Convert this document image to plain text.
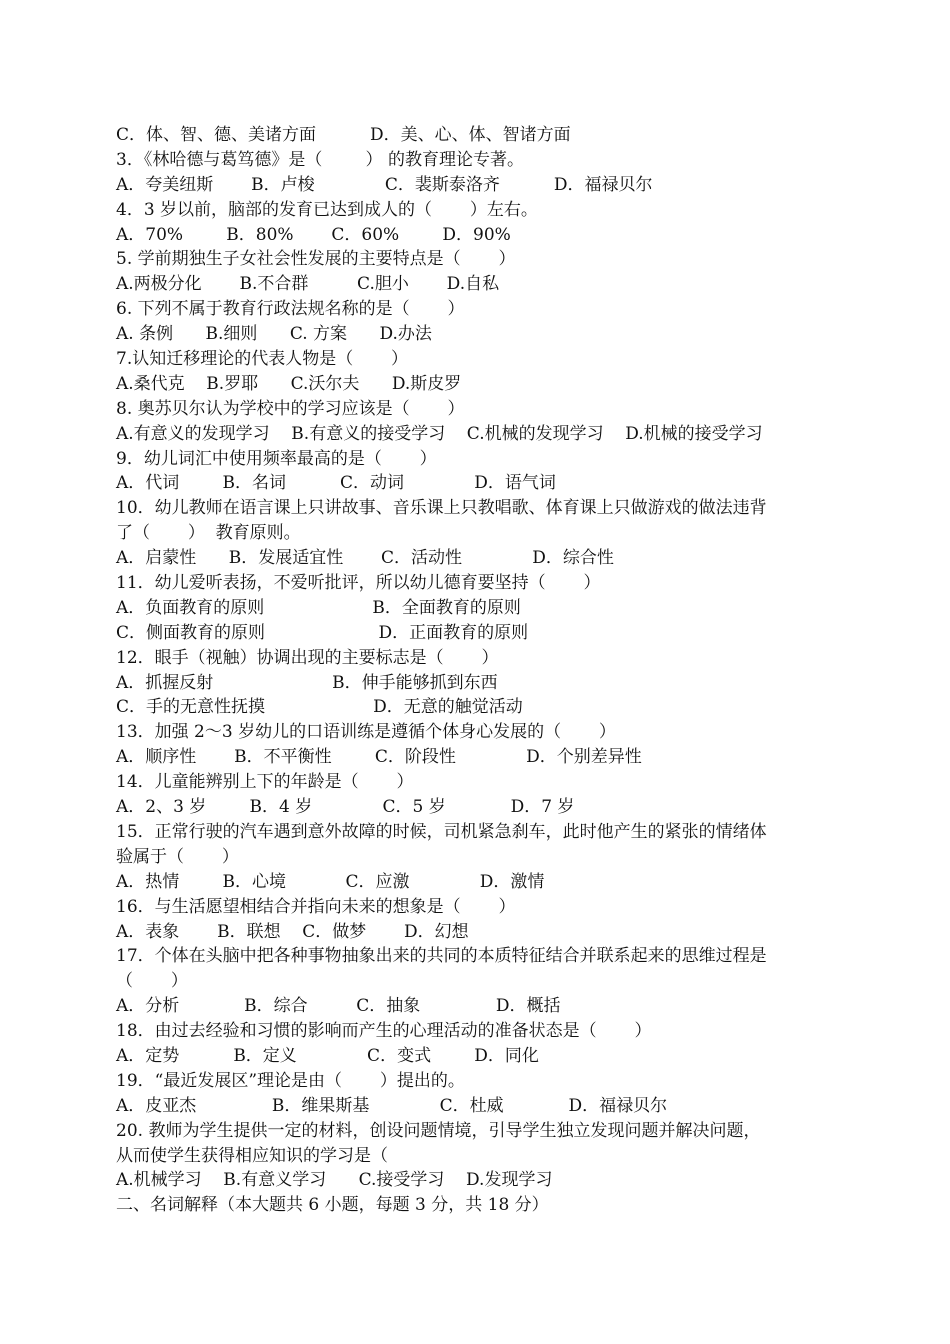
C．体、智、德、美诸方面          D．美、心、体、智诸方面
3．《林哈德与葛笃德》是（        ） 的教育理论专著。
A．夸美纽斯       B．卢梭             C．裴斯泰洛齐          D．福禄贝尔
4．3 岁以前，脑部的发育已达到成人的（       ）左右。
A．70%        B．80%       C．60%        D．90%
5. 学前期独生子女社会性发展的主要特点是（       ）
A.两极分化       B.不合群         C.胆小       D.自私
6. 下列不属于教育行政法规名称的是（       ）
A. 条例      B.细则      C. 方案      D.办法
7.认知迁移理论的代表人物是（       ）
A.桑代克    B.罗耶      C.沃尔夫      D.斯皮罗
8. 奥苏贝尔认为学校中的学习应该是（       ）
A.有意义的发现学习    B.有意义的接受学习    C.机械的发现学习    D.机械的接受学习
9．幼儿词汇中使用频率最高的是（       ）
A．代词        B．名词          C．动词             D．语气词
10．幼儿教师在语言课上只讲故事、音乐课上只教唱歌、体育课上只做游戏的做法违背
了（       ）  教育原则。
A．启蒙性      B．发展适宜性       C．活动性             D．综合性
11．幼儿爱听表扬，不爱听批评，所以幼儿德育要坚持（       ）
A．负面教育的原则                    B．全面教育的原则
C．侧面教育的原则                     D．正面教育的原则
12．眼手（视触）协调出现的主要标志是（       ）
A．抓握反射                      B．伸手能够抓到东西
C．手的无意性抚摸                    D．无意的触觉活动
13．加强 2～3 岁幼儿的口语训练是遵循个体身心发展的（       ）
A．顺序性       B．不平衡性        C．阶段性             D．个别差异性
14．儿童能辨别上下的年龄是（       ）
A．2、3 岁        B．4 岁             C．5 岁            D．7 岁
15．正常行驶的汽车遇到意外故障的时候，司机紧急刹车，此时他产生的紧张的情绪体
验属于（       ）
A．热情        B．心境           C．应激             D．激情
16．与生活愿望相结合并指向未来的想象是（       ）
A．表象       B．联想    C．做梦       D．幻想
17．个体在头脑中把各种事物抽象出来的共同的本质特征结合并联系起来的思维过程是
（       ）
A．分析            B．综合         C．抽象              D．概括
18．由过去经验和习惯的影响而产生的心理活动的准备状态是（       ）
A．定势          B．定义             C．变式        D．同化
19．“最近发展区”理论是由（       ）提出的。
A．皮亚杰              B．维果斯基             C．杜威            D．福禄贝尔
20. 教师为学生提供一定的材料，创设问题情境，引导学生独立发现问题并解决问题，
从而使学生获得相应知识的学习是（
A.机械学习    B.有意义学习      C.接受学习    D.发现学习
二、名词解释（本大题共 6 小题，每题 3 分，共 18 分）
